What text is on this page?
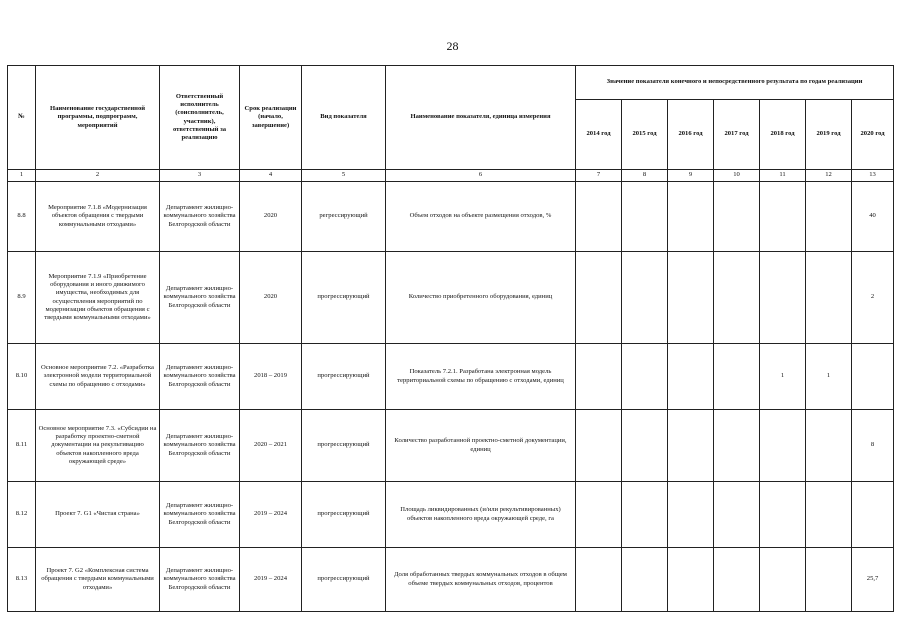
28
№	Наименование государственной программы, подпрограмм, мероприятий	Ответственный исполнитель (соисполнитель, участник), ответственный за реализацию	Срок реализации (начало, завершение)	Вид показателя	Наименование показателя, единица измерения	Значение показателя конечного и непосредственного результата по годам реализации						
						2014 год	2015 год	2016 год	2017 год	2018 год	2019 год	2020 год
1	2	3	4	5	6	7	8	9	10	11	12	13
8.8	Мероприятие 7.1.8 «Модернизация объектов обращения с твердыми коммунальными отходами»	Департамент жилищно-коммунального хозяйства Белгородской области	2020	регрессирующий	Объем отходов на объекте размещения отходов, %							40
8.9	Мероприятие 7.1.9 «Приобретение оборудования и иного движимого имущества, необходимых для осуществления мероприятий по модернизации объектов обращения с твердыми коммунальными отходами»	Департамент жилищно-коммунального хозяйства Белгородской области	2020	прогрессирующий	Количество приобретенного оборудования, единиц							2
8.10	Основное мероприятие 7.2. «Разработка электронной модели территориальной схемы по обращению с отходами»	Департамент жилищно-коммунального хозяйства Белгородской области	2018 – 2019	прогрессирующий	Показатель 7.2.1. Разработана электронная модель территориальной схемы по обращению с отходами, единиц					1	1	
8.11	Основное мероприятие 7.3. «Субсидии на разработку проектно-сметной документации на рекультивацию объектов накопленного вреда окружающей среде»	Департамент жилищно-коммунального хозяйства Белгородской области	2020 – 2021	прогрессирующий	Количество разработанной проектно-сметной документации, единиц							8
8.12	Проект 7. G1 «Чистая страна»	Департамент жилищно-коммунального хозяйства Белгородской области	2019 – 2024	прогрессирующий	Площадь ликвидированных (и/или рекультивированных) объектов накопленного вреда окружающей среде, га							
8.13	Проект 7. G2 «Комплексная система обращения с твердыми коммунальными отходами»	Департамент жилищно-коммунального хозяйства Белгородской области	2019 – 2024	прогрессирующий	Доля обработанных твердых коммунальных отходов в общем объеме твердых коммунальных отходов, процентов							25,7
